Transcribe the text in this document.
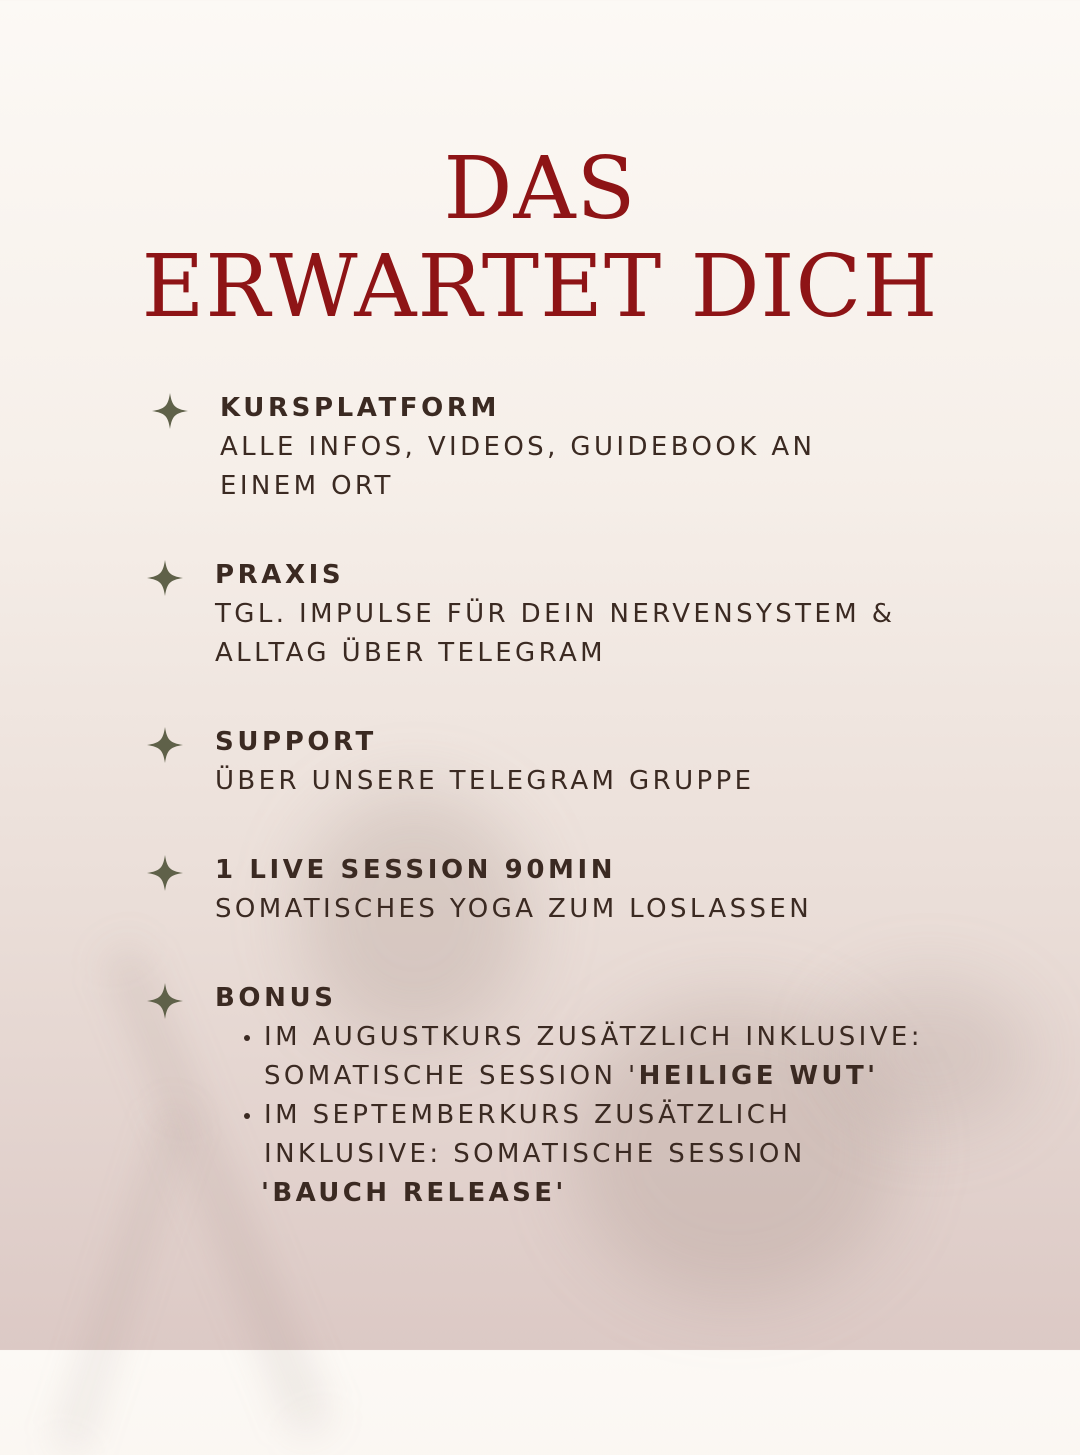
DAS
ERWARTET DICH
KURSPLATFORM
ALLE INFOS, VIDEOS, GUIDEBOOK AN
EINEM ORT
PRAXIS
TGL. IMPULSE FÜR DEIN NERVENSYSTEM &
ALLTAG ÜBER TELEGRAM
SUPPORT
ÜBER UNSERE TELEGRAM GRUPPE
1 LIVE SESSION 90MIN
SOMATISCHES YOGA ZUM LOSLASSEN
BONUS
IM AUGUSTKURS ZUSÄTZLICH INKLUSIVE:
SOMATISCHE SESSION 'HEILIGE WUT'
IM SEPTEMBERKURS ZUSÄTZLICH
INKLUSIVE: SOMATISCHE SESSION
'BAUCH RELEASE'
